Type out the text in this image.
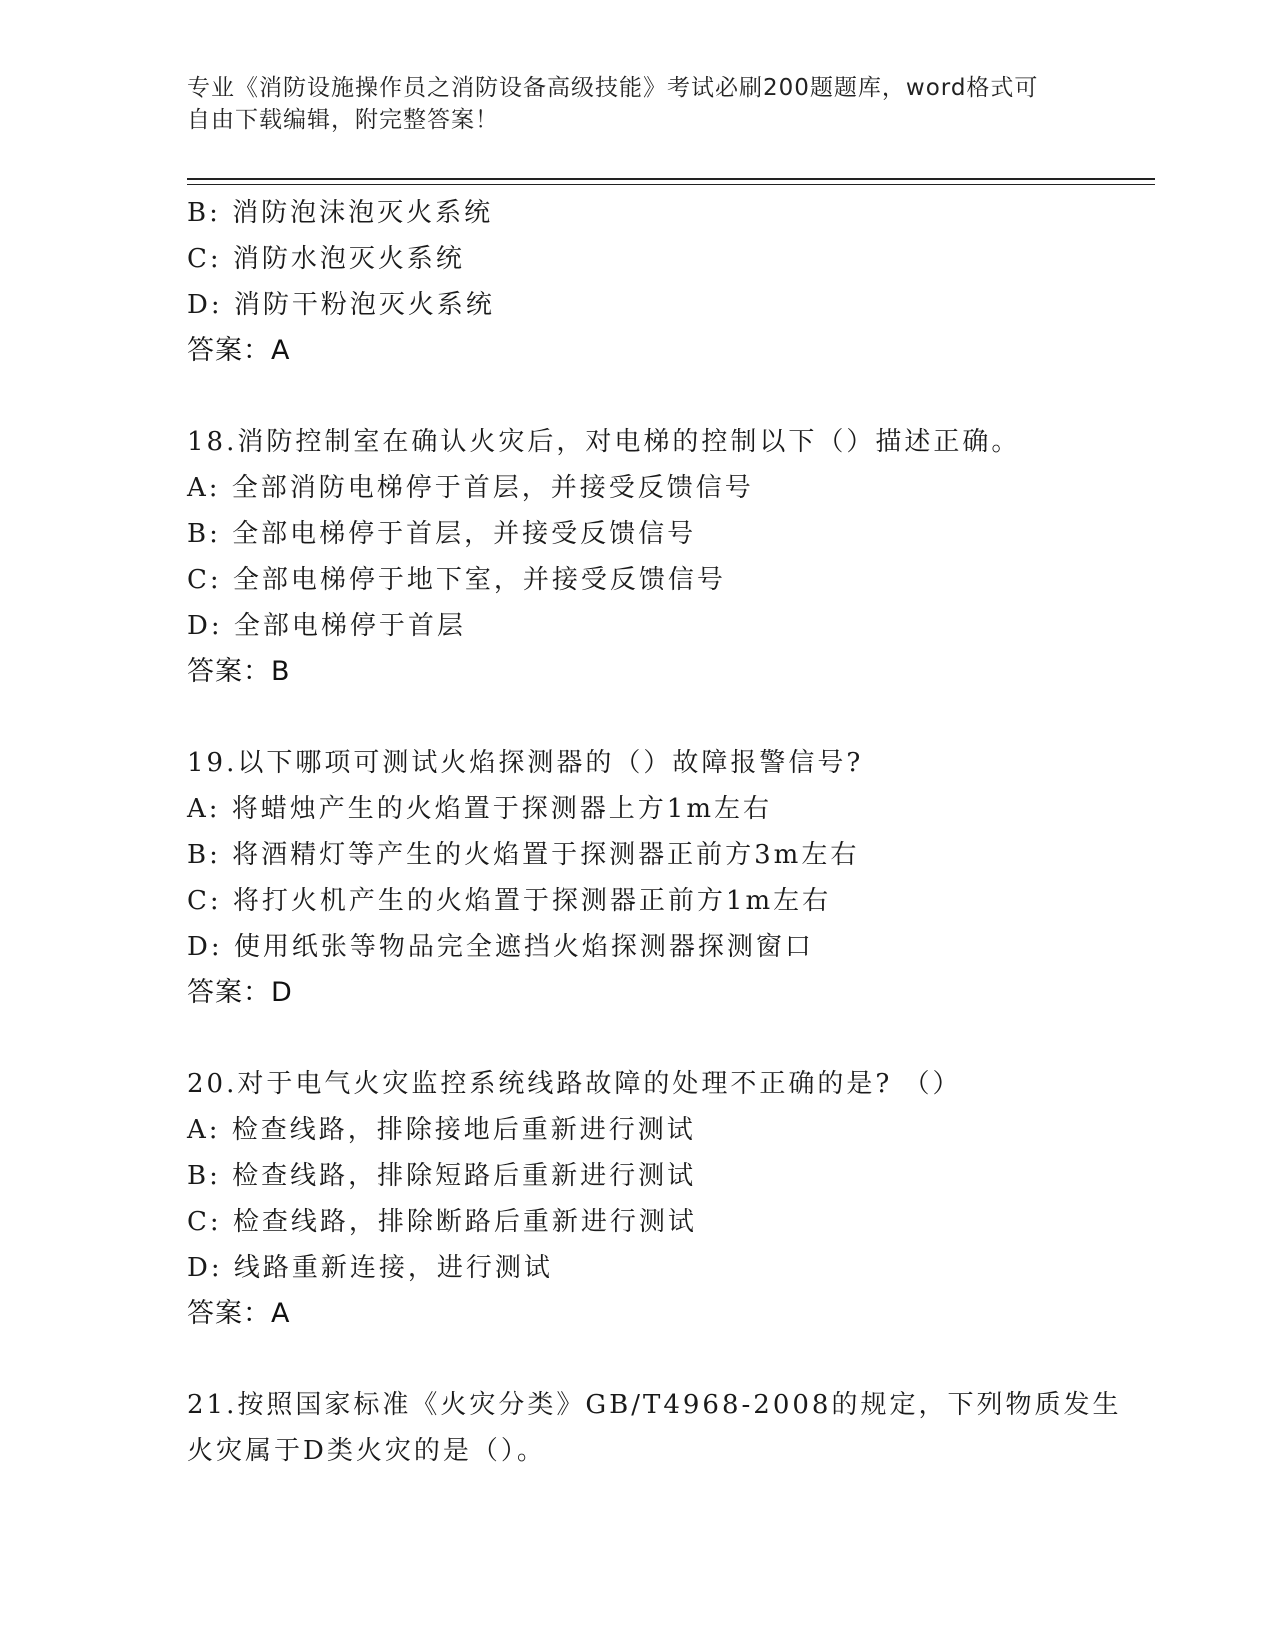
专业《消防设施操作员之消防设备高级技能》考试必刷200题题库，word格式可
自由下载编辑，附完整答案！
B: 消防泡沫泡灭火系统
C: 消防水泡灭火系统
D: 消防干粉泡灭火系统
答案：A
18.消防控制室在确认火灾后，对电梯的控制以下（）描述正确。
A: 全部消防电梯停于首层，并接受反馈信号
B: 全部电梯停于首层，并接受反馈信号
C: 全部电梯停于地下室，并接受反馈信号
D: 全部电梯停于首层
答案：B
19.以下哪项可测试火焰探测器的（）故障报警信号?
A: 将蜡烛产生的火焰置于探测器上方1m左右
B: 将酒精灯等产生的火焰置于探测器正前方3m左右
C: 将打火机产生的火焰置于探测器正前方1m左右
D: 使用纸张等物品完全遮挡火焰探测器探测窗口
答案：D
20.对于电气火灾监控系统线路故障的处理不正确的是? （）
A: 检查线路，排除接地后重新进行测试
B: 检查线路，排除短路后重新进行测试
C: 检查线路，排除断路后重新进行测试
D: 线路重新连接，进行测试
答案：A
21.按照国家标准《火灾分类》GB/T4968-2008的规定，下列物质发生
火灾属于D类火灾的是（）。
